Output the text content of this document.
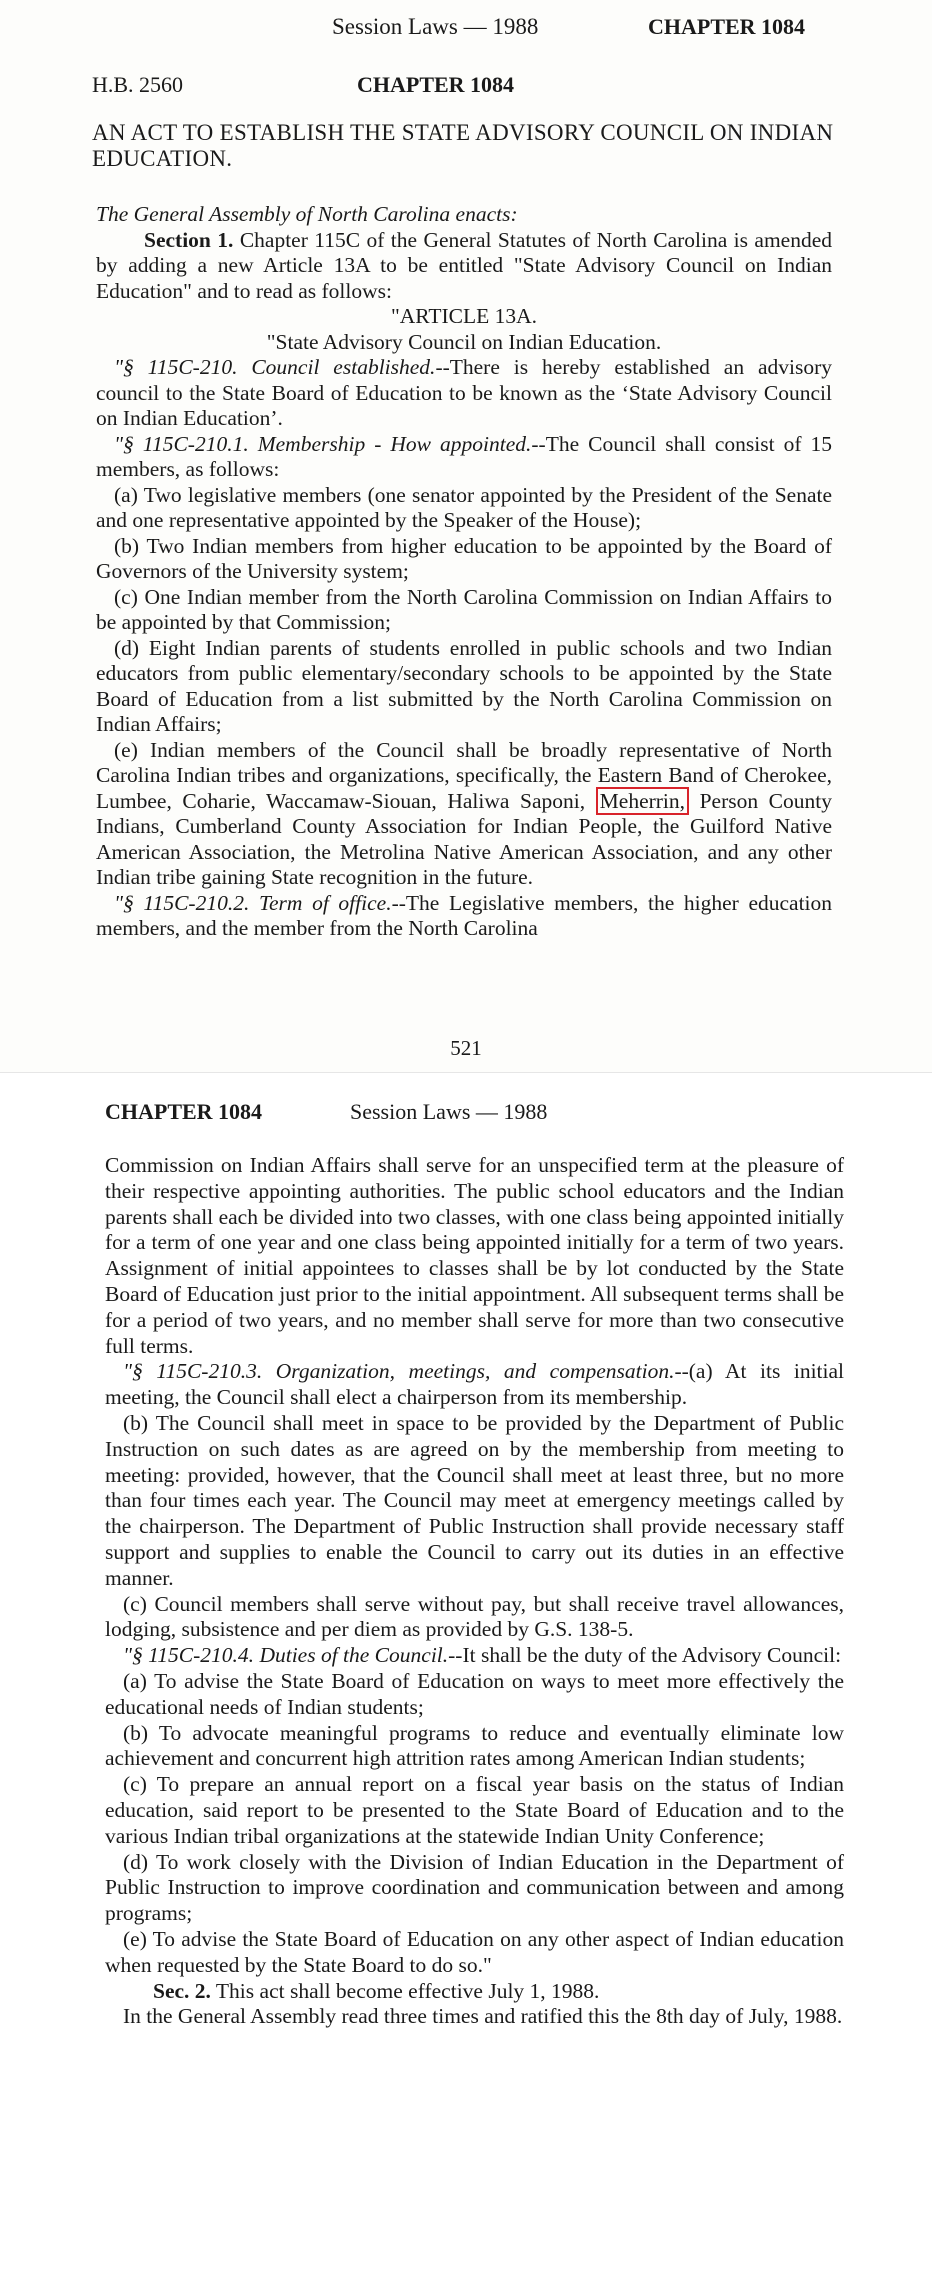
Session Laws — 1988	CHAPTER 1084
H.B. 2560	CHAPTER 1084
AN ACT TO ESTABLISH THE STATE ADVISORY COUNCIL ON INDIAN EDUCATION.

The General Assembly of North Carolina enacts:

Section 1. Chapter 115C of the General Statutes of North Carolina is amended by adding a new Article 13A to be entitled "State Advisory Council on Indian Education" and to read as follows:

"ARTICLE 13A.

"State Advisory Council on Indian Education.

"§ 115C-210. Council established.--There is hereby established an advisory council to the State Board of Education to be known as the ‘State Advisory Council on Indian Education’.

"§ 115C-210.1. Membership - How appointed.--The Council shall consist of 15 members, as follows:

(a) Two legislative members (one senator appointed by the President of the Senate and one representative appointed by the Speaker of the House);

(b) Two Indian members from higher education to be appointed by the Board of Governors of the University system;

(c) One Indian member from the North Carolina Commission on Indian Affairs to be appointed by that Commission;

(d) Eight Indian parents of students enrolled in public schools and two Indian educators from public elementary/secondary schools to be appointed by the State Board of Education from a list submitted by the North Carolina Commission on Indian Affairs;

(e) Indian members of the Council shall be broadly representative of North Carolina Indian tribes and organizations, specifically, the Eastern Band of Cherokee, Lumbee, Coharie, Waccamaw-Siouan, Haliwa Saponi, Meherrin, Person County Indians, Cumberland County Association for Indian People, the Guilford Native American Association, the Metrolina Native American Association, and any other Indian tribe gaining State recognition in the future.

"§ 115C-210.2. Term of office.--The Legislative members, the higher education members, and the member from the North Carolina

521
CHAPTER 1084	Session Laws — 1988

Commission on Indian Affairs shall serve for an unspecified term at the pleasure of their respective appointing authorities. The public school educators and the Indian parents shall each be divided into two classes, with one class being appointed initially for a term of one year and one class being appointed initially for a term of two years. Assignment of initial appointees to classes shall be by lot conducted by the State Board of Education just prior to the initial appointment. All subsequent terms shall be for a period of two years, and no member shall serve for more than two consecutive full terms.

"§ 115C-210.3. Organization, meetings, and compensation.--(a) At its initial meeting, the Council shall elect a chairperson from its membership.

(b) The Council shall meet in space to be provided by the Department of Public Instruction on such dates as are agreed on by the membership from meeting to meeting: provided, however, that the Council shall meet at least three, but no more than four times each year. The Council may meet at emergency meetings called by the chairperson. The Department of Public Instruction shall provide necessary staff support and supplies to enable the Council to carry out its duties in an effective manner.

(c) Council members shall serve without pay, but shall receive travel allowances, lodging, subsistence and per diem as provided by G.S. 138-5.

"§ 115C-210.4. Duties of the Council.--It shall be the duty of the Advisory Council:

(a) To advise the State Board of Education on ways to meet more effectively the educational needs of Indian students;

(b) To advocate meaningful programs to reduce and eventually eliminate low achievement and concurrent high attrition rates among American Indian students;

(c) To prepare an annual report on a fiscal year basis on the status of Indian education, said report to be presented to the State Board of Education and to the various Indian tribal organizations at the statewide Indian Unity Conference;

(d) To work closely with the Division of Indian Education in the Department of Public Instruction to improve coordination and communication between and among programs;

(e) To advise the State Board of Education on any other aspect of Indian education when requested by the State Board to do so."

Sec. 2. This act shall become effective July 1, 1988.

In the General Assembly read three times and ratified this the 8th day of July, 1988.
